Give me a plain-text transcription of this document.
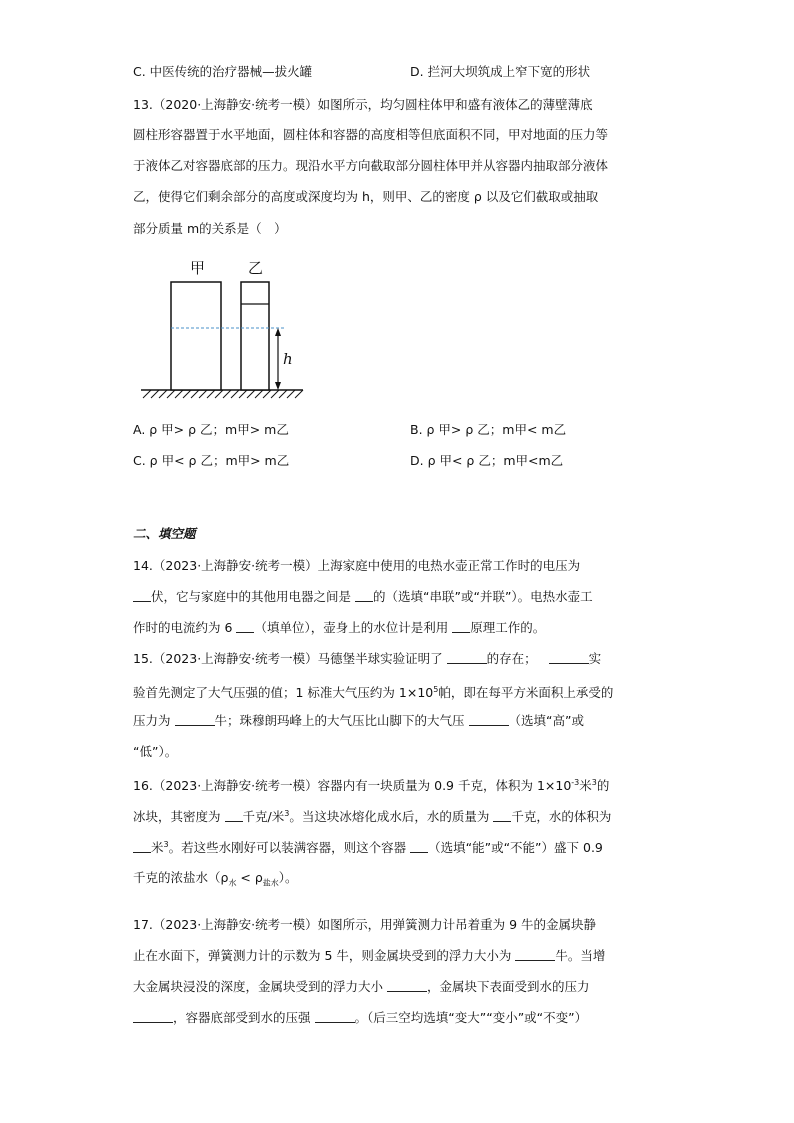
C. 中医传统的治疗器械—拔火罐	D. 拦河大坝筑成上窄下宽的形状
13.（2020·上海静安·统考一模）如图所示，均匀圆柱体甲和盛有液体乙的薄壁薄底
圆柱形容器置于水平地面，圆柱体和容器的高度相等但底面积不同，甲对地面的压力等
于液体乙对容器底部的压力。现沿水平方向截取部分圆柱体甲并从容器内抽取部分液体
乙，使得它们剩余部分的高度或深度均为 h，则甲、乙的密度 ρ 以及它们截取或抽取
部分质量 m的关系是（　）
甲	乙
h
A. ρ 甲> ρ 乙；m甲> m乙	B. ρ 甲> ρ 乙；m甲< m乙
C. ρ 甲< ρ 乙；m甲> m乙	D. ρ 甲< ρ 乙；m甲<m乙
二、填空题
14.（2023·上海静安·统考一模）上海家庭中使用的电热水壶正常工作时的电压为
伏，它与家庭中的其他用电器之间是 的（选填“串联”或“并联”）。电热水壶工
作时的电流约为 6 （填单位），壶身上的水位计是利用 原理工作的。
15.（2023·上海静安·统考一模）马德堡半球实验证明了	的存在；	实
验首先测定了大气压强的值；1 标准大气压约为 $1\times 10^5$帕，即在每平方米面积上承受的
压力为	牛；珠穆朗玛峰上的大气压比山脚下的大气压	（选填“高”或
“低”）。
16.（2023·上海静安·统考一模）容器内有一块质量为 0.9 千克，体积为 $1\times 10^{-3}$米$^3$的
冰块，其密度为 千克/米$^3$。当这块冰熔化成水后，水的质量为 千克，水的体积为
米$^3$。若这些水刚好可以装满容器，则这个容器 （选填“能”或“不能”）盛下 0.9
千克的浓盐水$(\rho_水 < \rho_{盐水})$。
17.（2023·上海静安·统考一模）如图所示，用弹簧测力计吊着重为 9 牛的金属块静
止在水面下，弹簧测力计的示数为 5 牛，则金属块受到的浮力大小为	牛。当增
大金属块浸没的深度，金属块受到的浮力大小	，金属块下表面受到水的压力
，容器底部受到水的压强	。（后三空均选填“变大”“变小”或“不变”）
